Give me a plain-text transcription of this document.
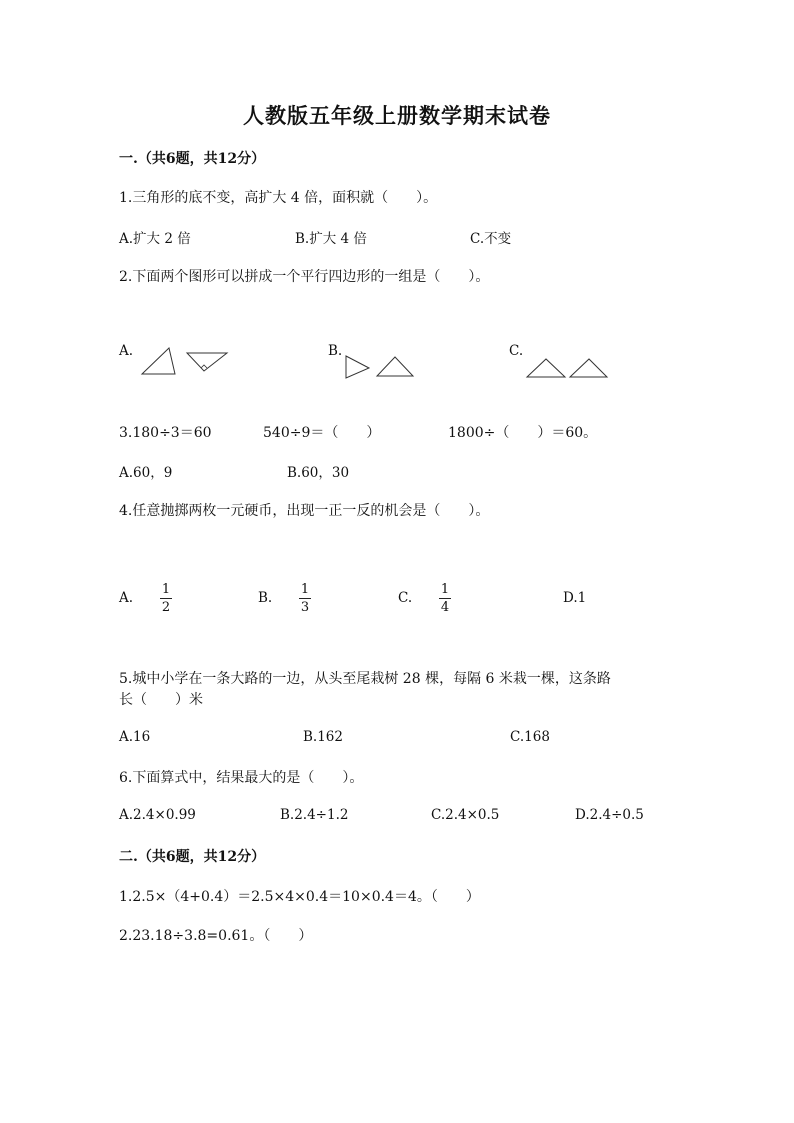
人教版五年级上册数学期末试卷
一.（共6题，共12分）
1.三角形的底不变，高扩大 4 倍，面积就（　　）。
A.扩大 2 倍	B.扩大 4 倍	C.不变
2.下面两个图形可以拼成一个平行四边形的一组是（　　）。
A.	B.	C.
3.180÷3＝60	540÷9＝（　　）	1800÷（　　）＝60。
A.60，9	B.60，30
4.任意抛掷两枚一元硬币，出现一正一反的机会是（　　）。
A.
1
2
B.
1
3
C.
1
4
D.1
5.城中小学在一条大路的一边，从头至尾栽树 28 棵，每隔 6 米栽一棵，这条路
长（　　）米
A.16	B.162	C.168
6.下面算式中，结果最大的是（　　）。
A.2.4×0.99	B.2.4÷1.2	C.2.4×0.5	D.2.4÷0.5
二.（共6题，共12分）
1.2.5×（4+0.4）＝2.5×4×0.4＝10×0.4＝4。（　　）
2.23.18÷3.8=0.61。（　　）
